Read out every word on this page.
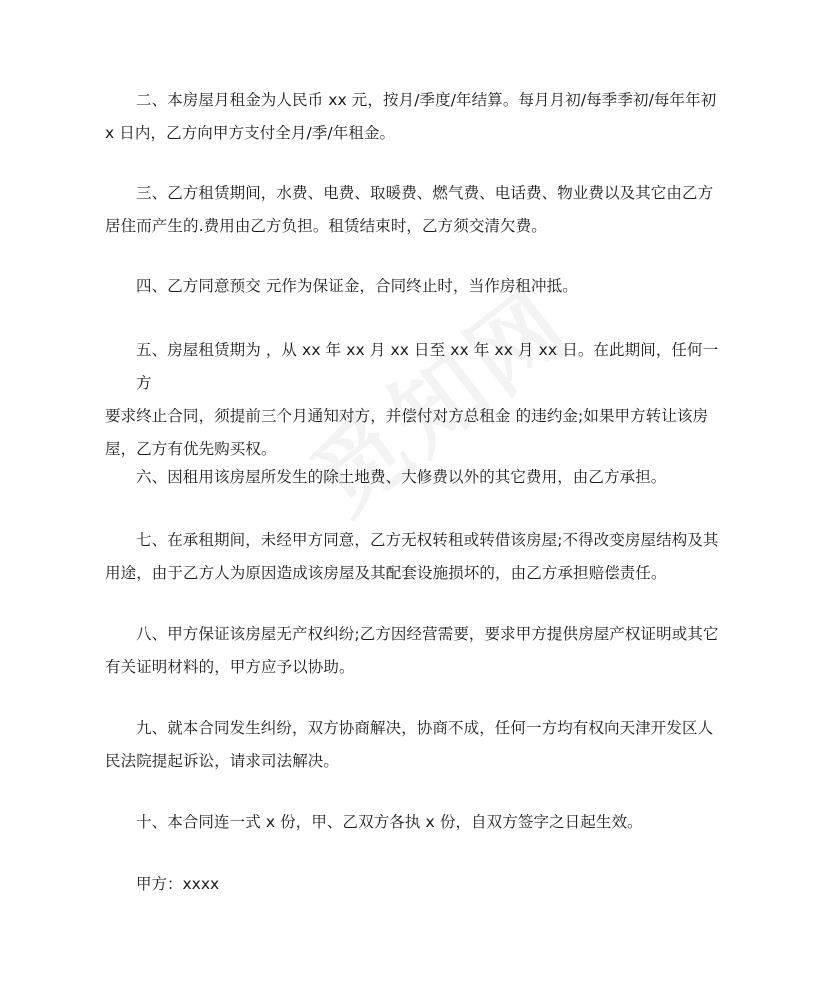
二、本房屋月租金为人民币 xx 元，按月/季度/年结算。每月月初/每季季初/每年年初
x 日内，乙方向甲方支付全月/季/年租金。
三、乙方租赁期间，水费、电费、取暖费、燃气费、电话费、物业费以及其它由乙方
居住而产生的.费用由乙方负担。租赁结束时，乙方须交清欠费。
四、乙方同意预交 元作为保证金，合同终止时，当作房租冲抵。
五、房屋租赁期为 ，从 xx 年 xx 月 xx 日至 xx 年 xx 月 xx 日。在此期间，任何一方
要求终止合同，须提前三个月通知对方，并偿付对方总租金 的违约金;如果甲方转让该房屋，乙方有优先购买权。
六、因租用该房屋所发生的除土地费、大修费以外的其它费用，由乙方承担。
七、在承租期间，未经甲方同意，乙方无权转租或转借该房屋;不得改变房屋结构及其
用途，由于乙方人为原因造成该房屋及其配套设施损坏的，由乙方承担赔偿责任。
八、甲方保证该房屋无产权纠纷;乙方因经营需要，要求甲方提供房屋产权证明或其它
有关证明材料的，甲方应予以协助。
九、就本合同发生纠纷，双方协商解决，协商不成，任何一方均有权向天津开发区人
民法院提起诉讼，请求司法解决。
十、本合同连一式 x 份，甲、乙双方各执 x 份，自双方签字之日起生效。
甲方：xxxx
